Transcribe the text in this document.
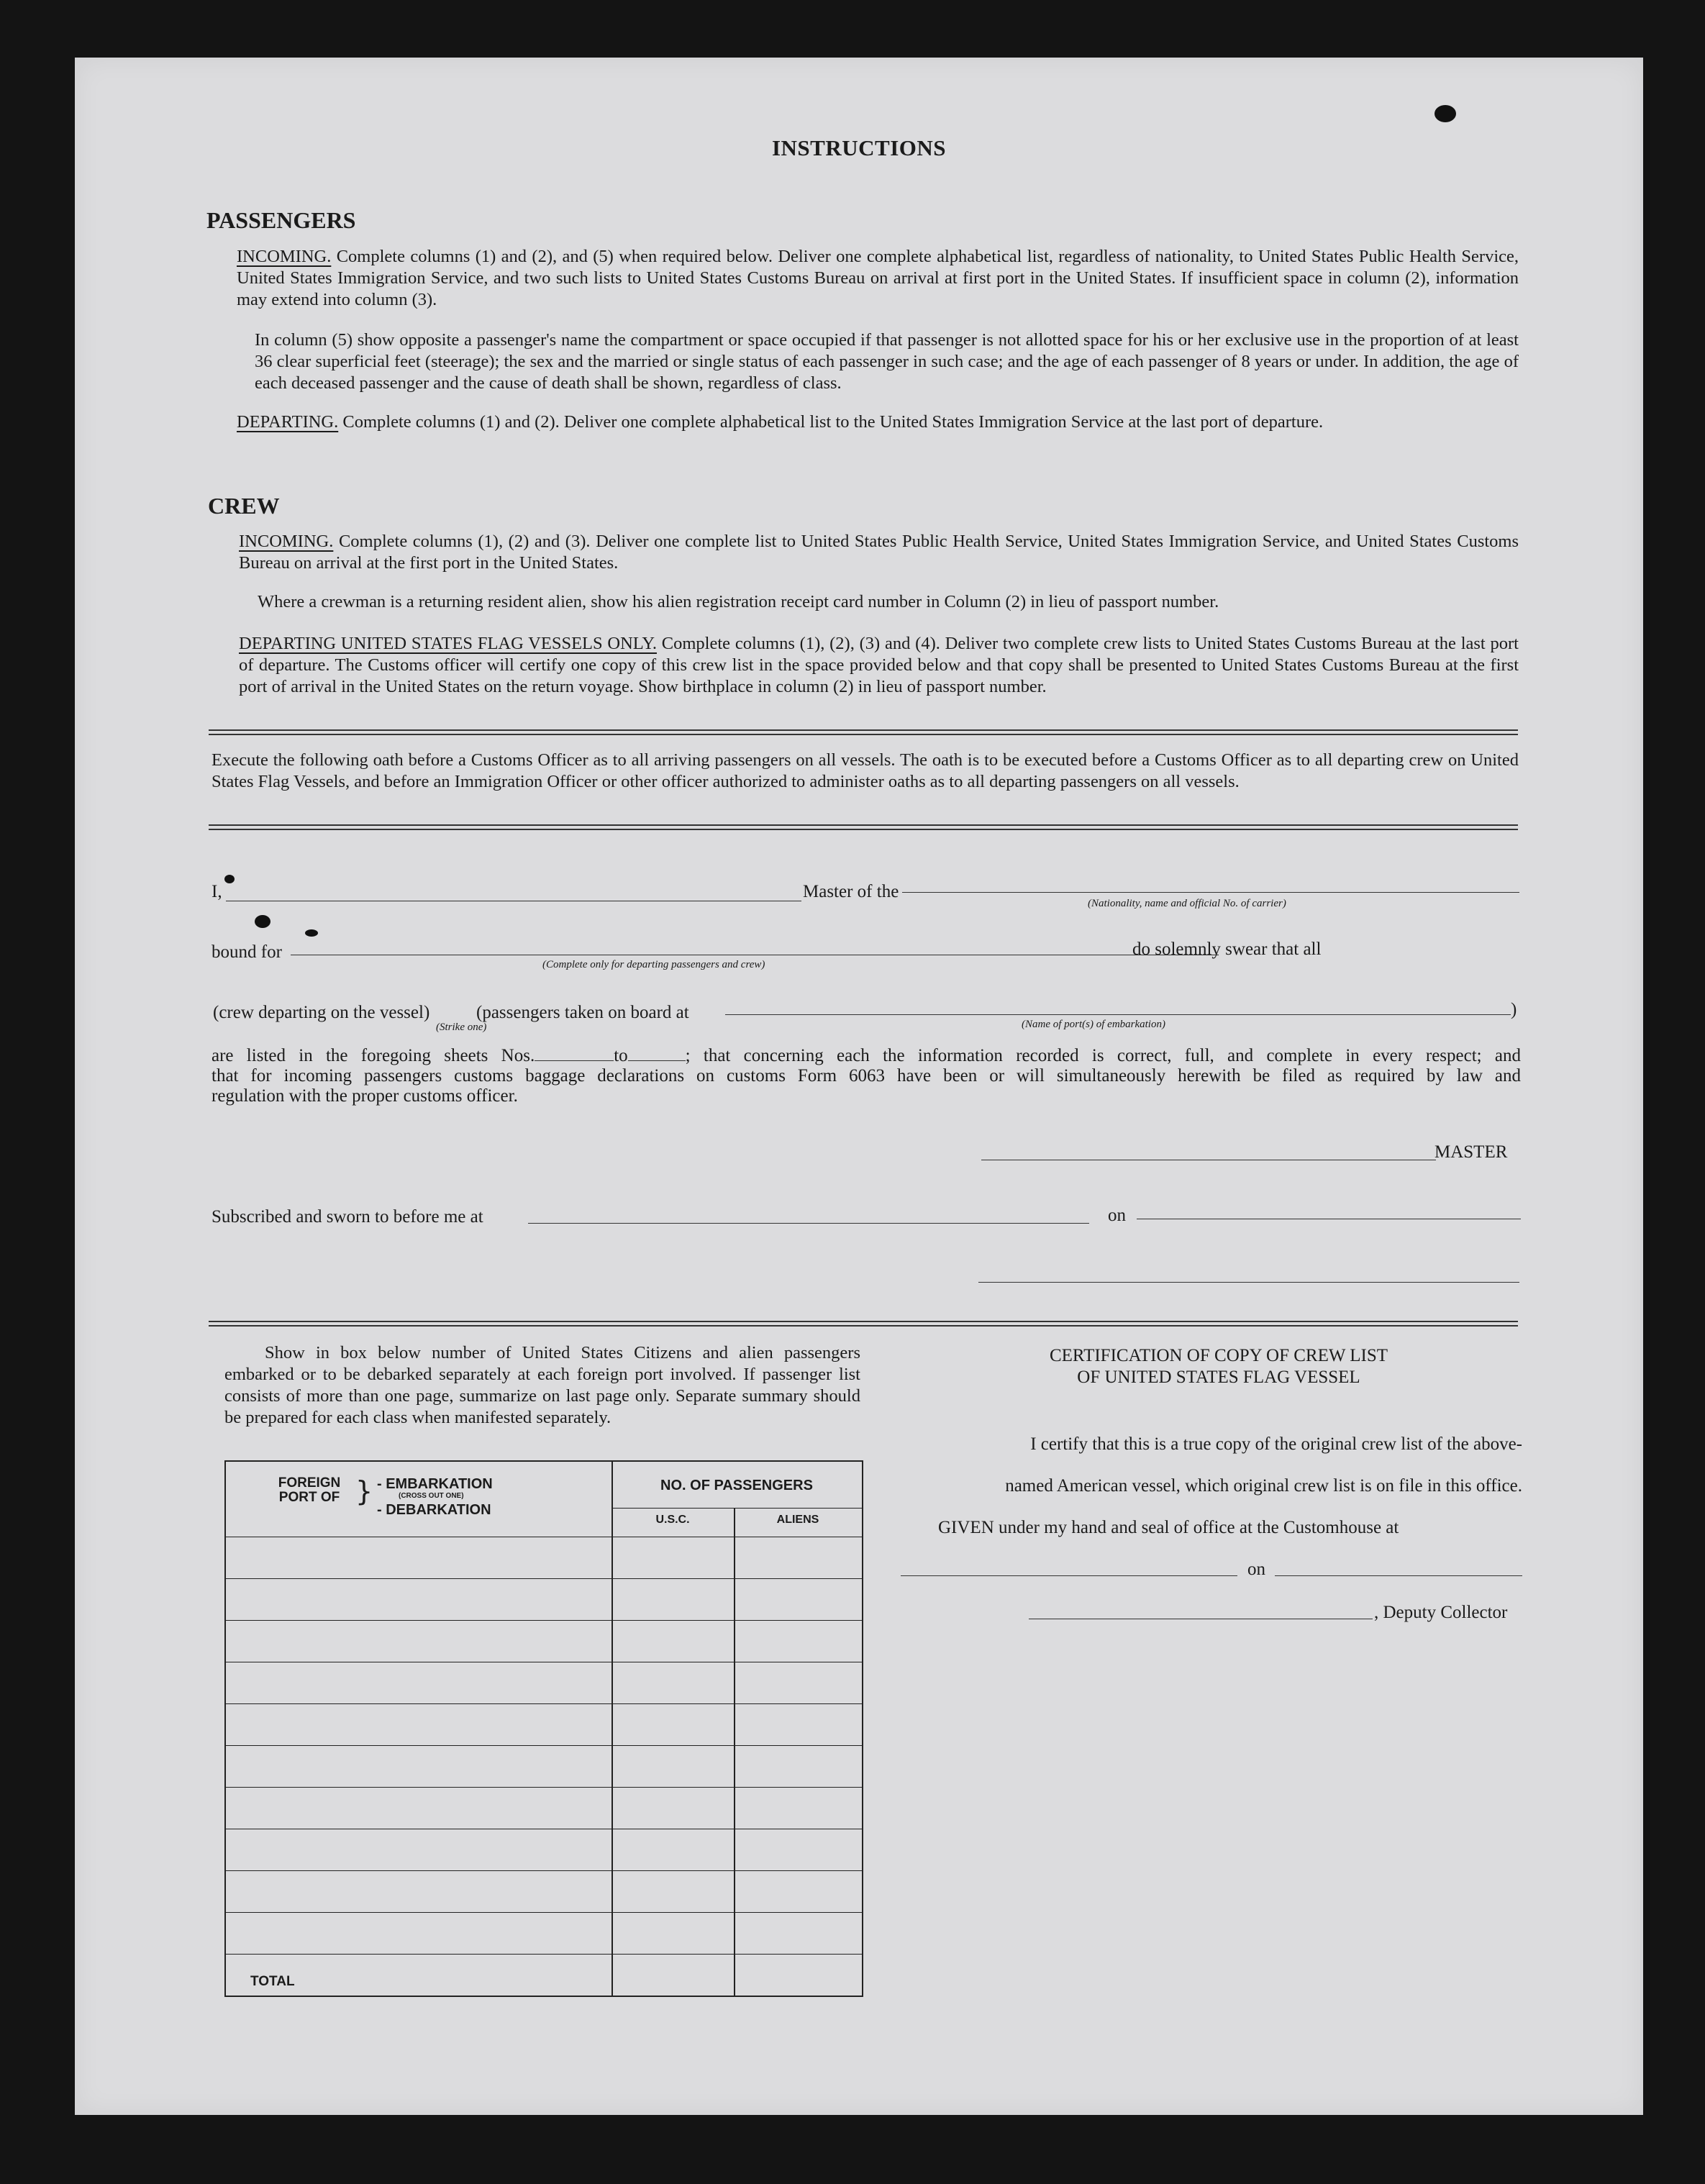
INSTRUCTIONS
PASSENGERS
INCOMING. Complete columns (1) and (2), and (5) when required below. Deliver one complete alphabetical list, regardless of nationality, to United States Public Health Service, United States Immigration Service, and two such lists to United States Customs Bureau on arrival at first port in the United States. If insufficient space in column (2), information may extend into column (3).
In column (5) show opposite a passenger's name the compartment or space occupied if that passenger is not allotted space for his or her exclusive use in the proportion of at least 36 clear superficial feet (steerage); the sex and the married or single status of each passenger in such case; and the age of each passenger of 8 years or under. In addition, the age of each deceased passenger and the cause of death shall be shown, regardless of class.
DEPARTING. Complete columns (1) and (2). Deliver one complete alphabetical list to the United States Immigration Service at the last port of departure.
CREW
INCOMING. Complete columns (1), (2) and (3). Deliver one complete list to United States Public Health Service, United States Immigration Service, and United States Customs Bureau on arrival at the first port in the United States.
Where a crewman is a returning resident alien, show his alien registration receipt card number in Column (2) in lieu of passport number.
DEPARTING UNITED STATES FLAG VESSELS ONLY. Complete columns (1), (2), (3) and (4). Deliver two complete crew lists to United States Customs Bureau at the last port of departure. The Customs officer will certify one copy of this crew list in the space provided below and that copy shall be presented to United States Customs Bureau at the first port of arrival in the United States on the return voyage. Show birthplace in column (2) in lieu of passport number.
Execute the following oath before a Customs Officer as to all arriving passengers on all vessels. The oath is to be executed before a Customs Officer as to all departing crew on United States Flag Vessels, and before an Immigration Officer or other officer authorized to administer oaths as to all departing passengers on all vessels.
I,	Master of the
(Nationality, name and official No. of carrier)
bound for
(Complete only for departing passengers and crew)
do solemnly swear that all
(crew departing on the vessel)
(Strike one)
(passengers taken on board at	)
(Name of port(s) of embarkation)
are listed in the foregoing sheets Nos.	to	; that concerning each the information recorded is correct, full, and complete in every respect; and
that for incoming passengers customs baggage declarations on customs Form 6063 have been or will simultaneously herewith be filed as required by law and
regulation with the proper customs officer.
MASTER
Subscribed and sworn to before me at	on
Show in box below number of United States Citizens and alien passengers embarked or to be debarked separately at each foreign port involved. If passenger list consists of more than one page, summarize on last page only. Separate summary should be prepared for each class when manifested separately.
FOREIGN PORT OF } - EMBARKATION
(CROSS OUT ONE)
- DEBARKATION
NO. OF PASSENGERS
U.S.C.	ALIENS
TOTAL
CERTIFICATION OF COPY OF CREW LIST
OF UNITED STATES FLAG VESSEL
I certify that this is a true copy of the original crew list of the above-
named American vessel, which original crew list is on file in this office.
GIVEN under my hand and seal of office at the Customhouse at
on
, Deputy Collector
